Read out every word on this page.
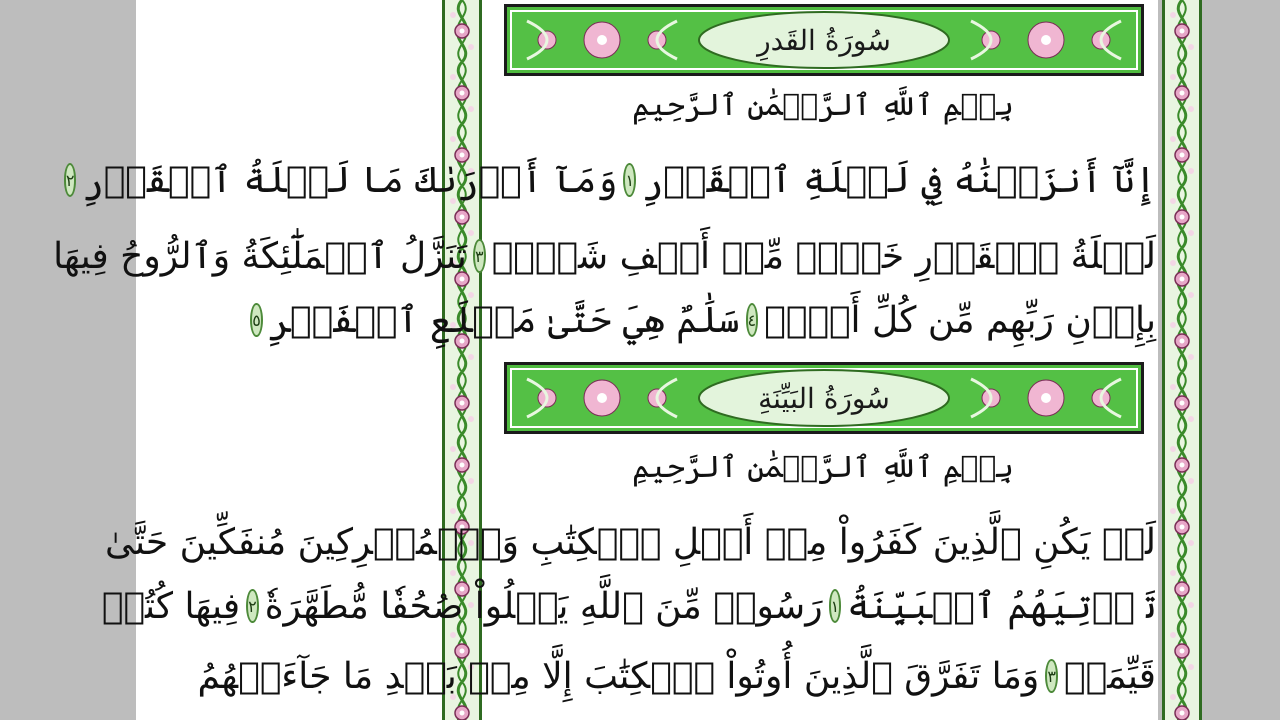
سُورَةُ القَدرِ
بِسۡمِ ٱللَّهِ ٱلرَّحۡمَٰنِ ٱلرَّحِيمِ
إِنَّآ أَنزَلۡنَٰهُ فِي لَيۡلَةِ ٱلۡقَدۡرِ
١
وَمَآ أَدۡرَىٰكَ مَا لَيۡلَةُ ٱلۡقَدۡرِ
٢
لَيۡلَةُ ٱلۡقَدۡرِ خَيۡرٞ مِّنۡ أَلۡفِ شَهۡرٖ
٣
تَنَزَّلُ ٱلۡمَلَٰٓئِكَةُ وَٱلرُّوحُ فِيهَا
بِإِذۡنِ رَبِّهِم مِّن كُلِّ أَمۡرٖ
٤
سَلَٰمٌ هِيَ حَتَّىٰ مَطۡلَعِ ٱلۡفَجۡرِ
٥
سُورَةُ البَيِّنَةِ
بِسۡمِ ٱللَّهِ ٱلرَّحۡمَٰنِ ٱلرَّحِيمِ
لَمۡ يَكُنِ ٱلَّذِينَ كَفَرُواْ مِنۡ أَهۡلِ ٱلۡكِتَٰبِ وَٱلۡمُشۡرِكِينَ مُنفَكِّينَ حَتَّىٰ
تَأۡتِيَهُمُ ٱلۡبَيِّنَةُ
١
رَسُولٞ مِّنَ ٱللَّهِ يَتۡلُواْ صُحُفٗا مُّطَهَّرَةٗ
٢
فِيهَا كُتُبٞ
قَيِّمَةٞ
٣
وَمَا تَفَرَّقَ ٱلَّذِينَ أُوتُواْ ٱلۡكِتَٰبَ إِلَّا مِنۢ بَعۡدِ مَا جَآءَتۡهُمُ
